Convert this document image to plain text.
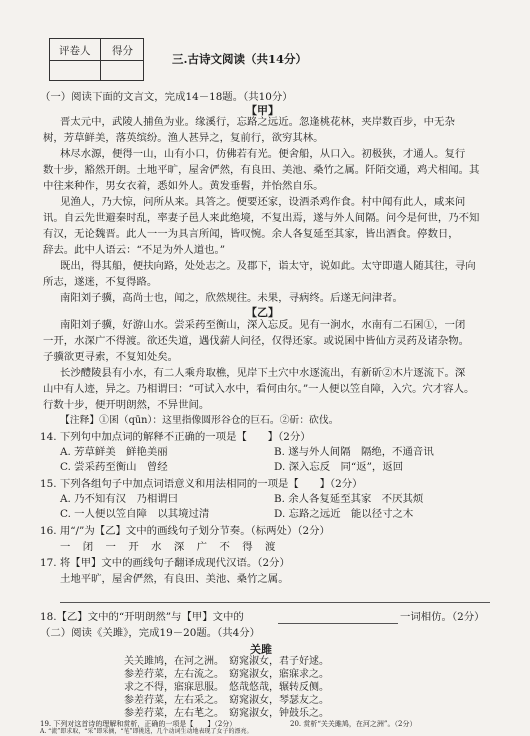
评卷人 得分
三.古诗文阅读（共14分）
（一）阅读下面的文言文，完成14－18题。（共10分）
【甲】
晋太元中，武陵人捕鱼为业。缘溪行，忘路之远近。忽逢桃花林，夹岸数百步，中无杂
树，芳草鲜美，落英缤纷。渔人甚异之，复前行，欲穷其林。
林尽水源，便得一山，山有小口，仿佛若有光。便舍船，从口入。初极狭，才通人。复行
数十步，豁然开朗。土地平旷，屋舍俨然，有良田、美池、桑竹之属。阡陌交通，鸡犬相闻。其
中往来种作，男女衣着，悉如外人。黄发垂髫，并怡然自乐。
见渔人，乃大惊，问所从来。具答之。便要还家，设酒杀鸡作食。村中闻有此人，咸来问
讯。自云先世避秦时乱，率妻子邑人来此绝境，不复出焉，遂与外人间隔。问今是何世，乃不知
有汉，无论魏晋。此人一一为具言所闻，皆叹惋。余人各复延至其家，皆出酒食。停数日，
辞去。此中人语云：“不足为外人道也。”
既出，得其船，便扶向路，处处志之。及郡下，诣太守，说如此。太守即遣人随其往，寻向
所志，遂迷，不复得路。
南阳刘子骥，高尚士也，闻之，欣然规往。未果，寻病终。后遂无问津者。
【乙】
南阳刘子骥，好游山水。尝采药至衡山，深入忘反。见有一涧水，水南有二石囷①，一闭
一开，水深广不得渡。欲还失道，遇伐薪人问径，仅得还家。或说囷中皆仙方灵药及诸杂物。
子骥欲更寻索，不复知处矣。
长沙醴陵县有小水，有二人乘舟取樵，见岸下土穴中水逐流出，有新斫②木片逐流下。深
山中有人迹，异之。乃相谓曰：“可试入水中，看何由尔。”一人便以笠自障，入穴。穴才容人。
行数十步，便开明朗然，不异世间。
【注释】①囷（qūn）：这里指像圆形谷仓的巨石。②斫：砍伐。
14. 下列句中加点词的解释不正确的一项是【　　】（2分）
A. 芳草鲜美　鲜艳美丽	B. 遂与外人间隔　隔绝，不通音讯
C. 尝采药至衡山　曾经	D. 深入忘反　同“返”，返回
15. 下列各组句子中加点词语意义和用法相同的一项是【　　】（2分）
A. 乃不知有汉　乃相谓曰	B. 余人各复延至其家　不厌其烦
C. 一人便以笠自障　以其境过清	D. 忘路之远近　能以径寸之木
16. 用“/”为【乙】文中的画线句子划分节奏。（标两处）（2分）
一　闭　一　开　水　深　广　不　得　渡
17. 将【甲】文中的画线句子翻译成现代汉语。（2分）
土地平旷，屋舍俨然，有良田、美池、桑竹之属。
18.【乙】文中的“开明朗然”与【甲】文中的	一词相仿。（2分）
（二）阅读《关雎》，完成19－20题。（共4分）
关雎
关关雎鸠，在河之洲。　窈窕淑女，君子好逑。
参差荇菜，左右流之。　窈窕淑女，寤寐求之。
求之不得，寤寐思服。　悠哉悠哉，辗转反侧。
参差荇菜，左右采之。　窈窕淑女，琴瑟友之。
参差荇菜，左右芼之。　窈窕淑女，钟鼓乐之。
19. 下列对这首诗的理解和赏析，正确的一项是【　　】（2分）	20. 赏析“关关雎鸠，在河之洲”。（2分）
A. “流”即求取，“采”即采摘，“芼”即挑选，几个动词生动地表现了女子的漂亮。
